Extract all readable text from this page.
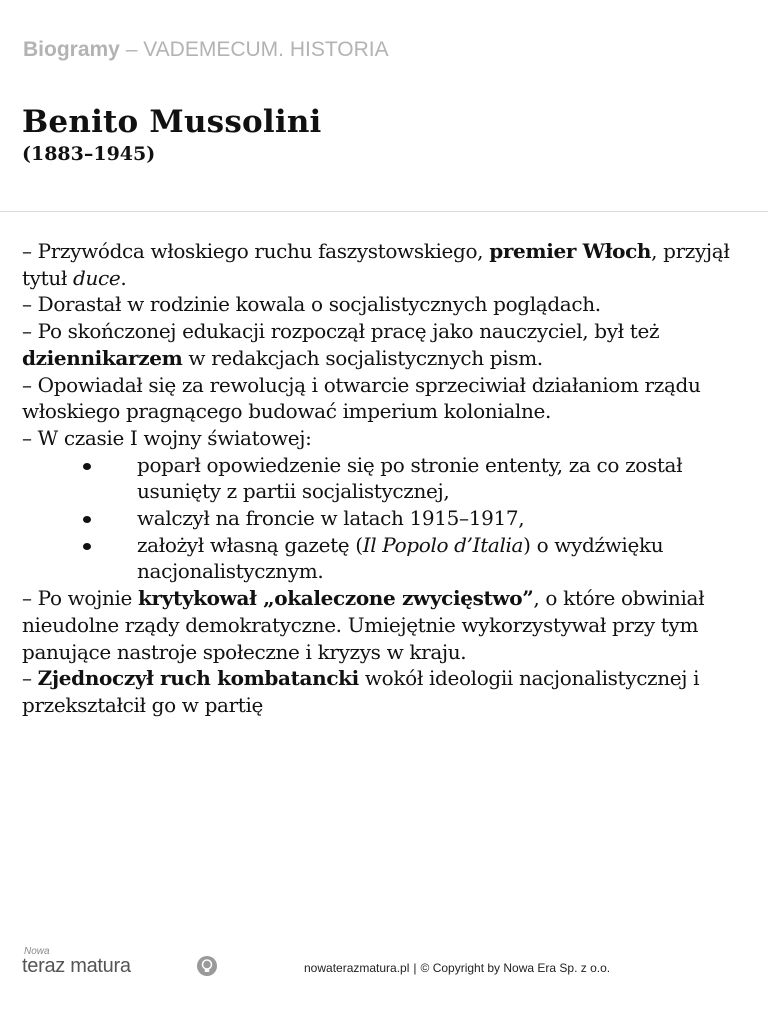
Biogramy – VADEMECUM. HISTORIA
Benito Mussolini
(1883–1945)

– Przywódca włoskiego ruchu faszystowskiego, premier Włoch, przyjął tytuł duce.

– Dorastał w rodzinie kowala o socjalistycznych poglądach.

– Po skończonej edukacji rozpoczął pracę jako nauczyciel, był też dziennikarzem w redakcjach socjalistycznych pism.

– Opowiadał się za rewolucją i otwarcie sprzeciwiał działaniom rządu włoskiego pragnącego budować imperium kolonialne.

– W czasie I wojny światowej:

poparł opowiedzenie się po stronie ententy, za co został usunięty z partii socjalistycznej,
walczył na froncie w latach 1915–1917,
założył własną gazetę (Il Popolo d’Italia) o wydźwięku nacjonalistycznym.

– Po wojnie krytykował „okaleczone zwycięstwo”, o które obwiniał nieudolne rządy demokratyczne. Umiejętnie wykorzystywał przy tym panujące nastroje społeczne i kryzys w kraju.

– Zjednoczył ruch kombatancki wokół ideologii nacjonalistycznej i przekształcił go w partię

Nowa
teraz matura	nowaterazmatura.pl | © Copyright by Nowa Era Sp. z o.o.
